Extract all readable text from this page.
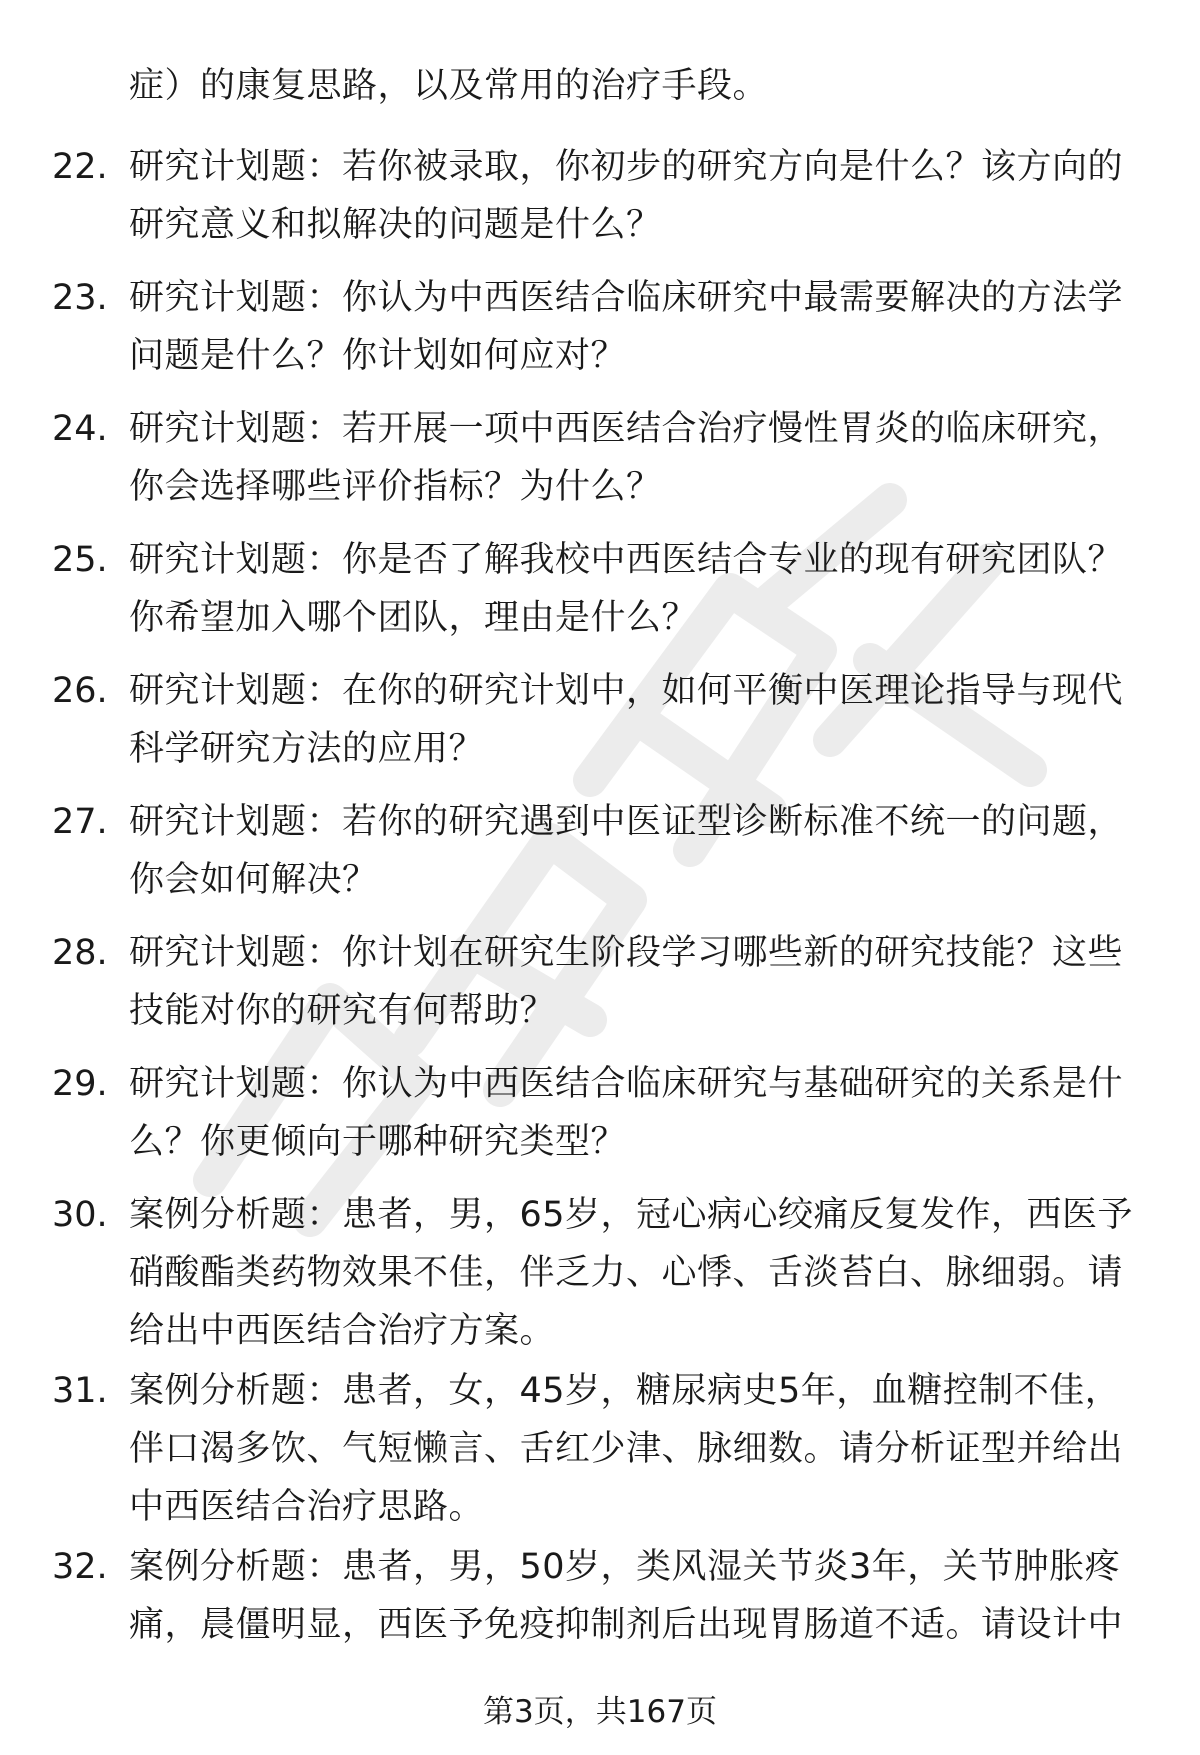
症）的康复思路，以及常用的治疗手段。
22. 研究计划题：若你被录取，你初步的研究方向是什么？该方向的
研究意义和拟解决的问题是什么？
23. 研究计划题：你认为中西医结合临床研究中最需要解决的方法学
问题是什么？你计划如何应对？
24. 研究计划题：若开展一项中西医结合治疗慢性胃炎的临床研究，
你会选择哪些评价指标？为什么？
25. 研究计划题：你是否了解我校中西医结合专业的现有研究团队？
你希望加入哪个团队，理由是什么？
26. 研究计划题：在你的研究计划中，如何平衡中医理论指导与现代
科学研究方法的应用？
27. 研究计划题：若你的研究遇到中医证型诊断标准不统一的问题，
你会如何解决？
28. 研究计划题：你计划在研究生阶段学习哪些新的研究技能？这些
技能对你的研究有何帮助？
29. 研究计划题：你认为中西医结合临床研究与基础研究的关系是什
么？你更倾向于哪种研究类型？
30. 案例分析题：患者，男，65岁，冠心病心绞痛反复发作，西医予
硝酸酯类药物效果不佳，伴乏力、心悸、舌淡苔白、脉细弱。请
给出中西医结合治疗方案。
31. 案例分析题：患者，女，45岁，糖尿病史5年，血糖控制不佳，
伴口渴多饮、气短懒言、舌红少津、脉细数。请分析证型并给出
中西医结合治疗思路。
32. 案例分析题：患者，男，50岁，类风湿关节炎3年，关节肿胀疼
痛，晨僵明显，西医予免疫抑制剂后出现胃肠道不适。请设计中
第3页，共167页
